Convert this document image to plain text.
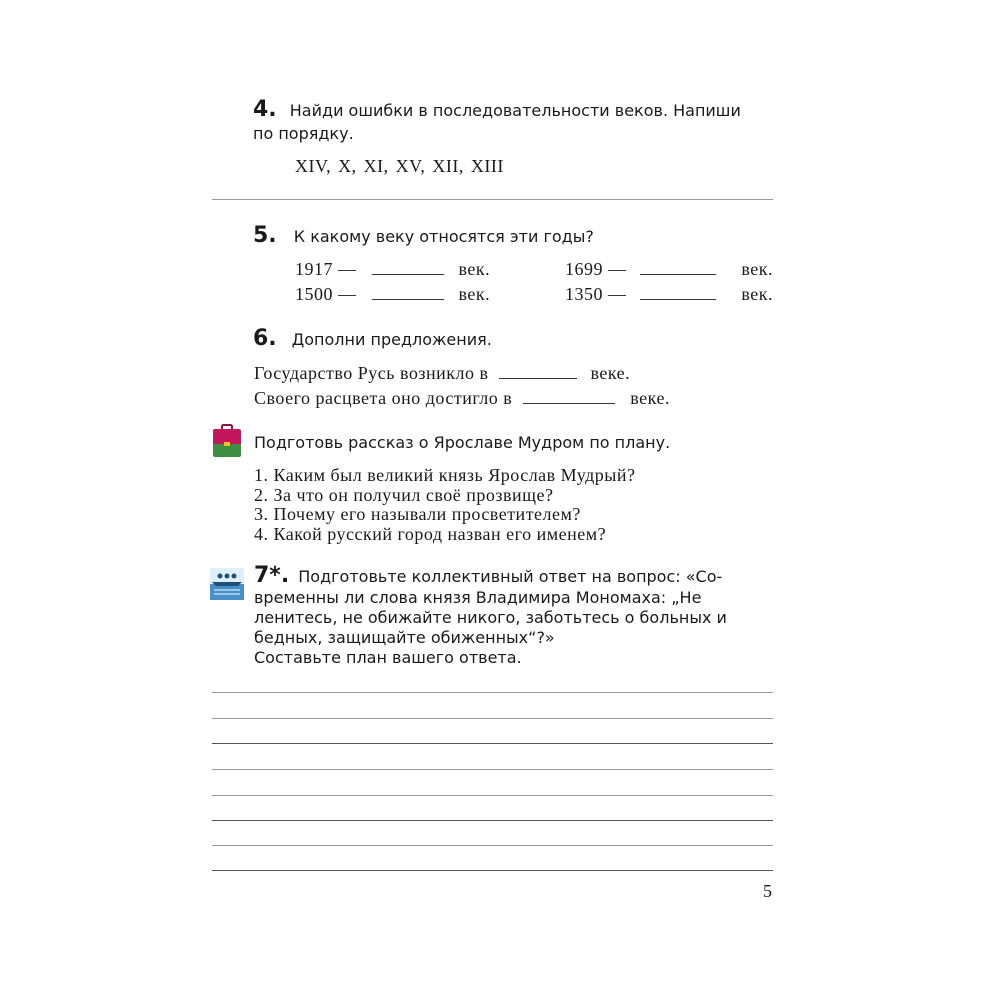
4. Найди ошибки в последовательности веков. Напиши
по порядку.
XIV, X, XI, XV, XII, XIII
5. К какому веку относятся эти годы?
1917 —	век.	1699 —	век.
1500 —	век.	1350 —	век.
6. Дополни предложения.
Государство Русь возникло в	веке.
Своего расцвета оно достигло в	веке.
Подготовь рассказ о Ярославе Мудром по плану.
1. Каким был великий князь Ярослав Мудрый?
2. За что он получил своё прозвище?
3. Почему его называли просветителем?
4. Какой русский город назван его именем?
7*. Подготовьте коллективный ответ на вопрос: «Со-
временны ли слова князя Владимира Мономаха: „Не
ленитесь, не обижайте никого, заботьтесь о больных и
бедных, защищайте обиженных“?»
Составьте план вашего ответа.
5
